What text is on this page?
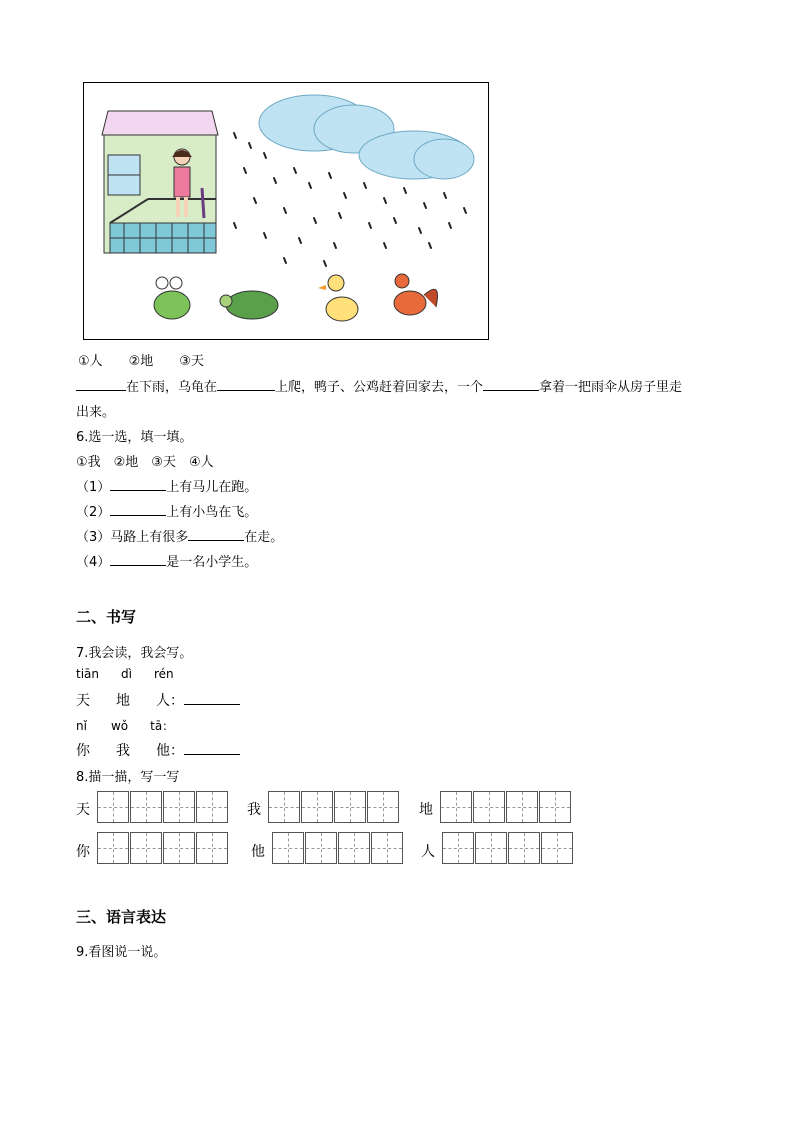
①人　　②地　　③天
在下雨，乌龟在	上爬，鸭子、公鸡赶着回家去，一个	拿着一把雨伞从房子里走
出来。
6.选一选，填一填。
①我　②地　③天　④人
（1）	上有马儿在跑。
（2）	上有小鸟在飞。
（3）马路上有很多	在走。
（4）	是一名小学生。
二、书写
7.我会读，我会写。
tiān dì rén
天 地 人：
nǐ wǒ tā：
你 我 他：
8.描一描，写一写
天	我	地
你	他	人
三、语言表达
9.看图说一说。
